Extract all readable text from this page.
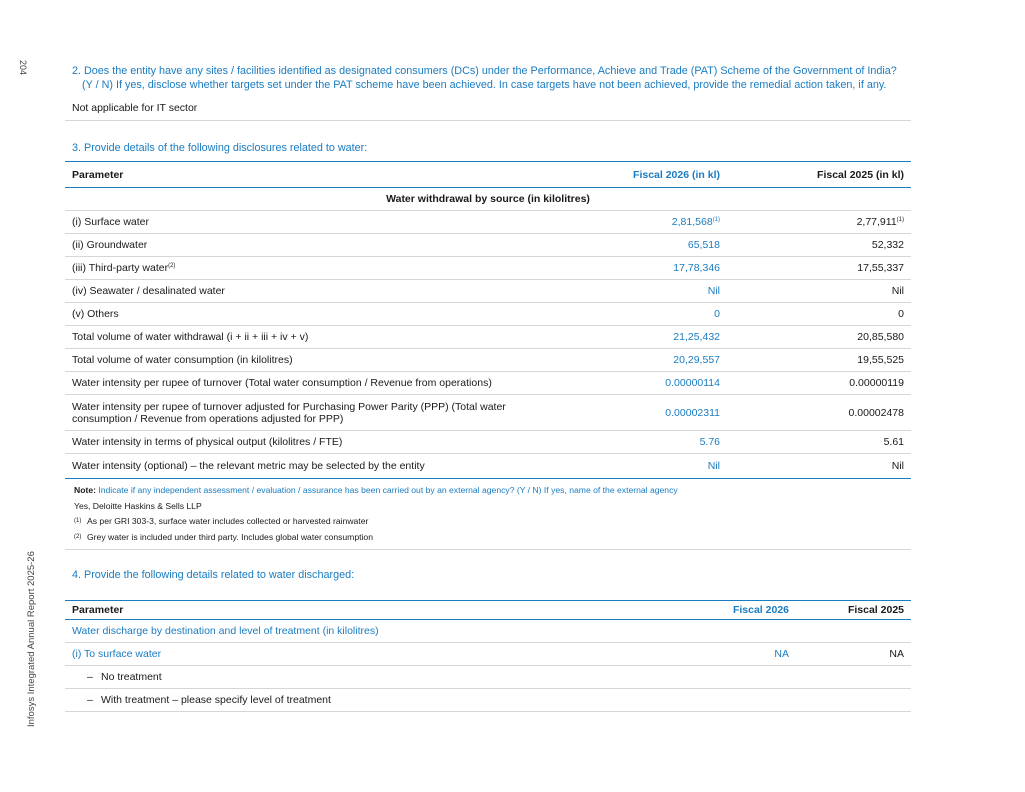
204
Infosys Integrated Annual Report 2025-26
2. Does the entity have any sites / facilities identified as designated consumers (DCs) under the Performance, Achieve and Trade (PAT) Scheme of the Government of India?
(Y / N) If yes, disclose whether targets set under the PAT scheme have been achieved. In case targets have not been achieved, provide the remedial action taken, if any.
Not applicable for IT sector
3. Provide details of the following disclosures related to water:
Parameter	Fiscal 2026 (in kl)	Fiscal 2025 (in kl)
Water withdrawal by source (in kilolitres)		
(i) Surface water	2,81,568$^{(1)}$	2,77,911$^{(1)}$
(ii) Groundwater	65,518	52,332
(iii) Third-party water$^{(2)}$	17,78,346	17,55,337
(iv) Seawater / desalinated water	Nil	Nil
(v) Others	0	0
Total volume of water withdrawal (i + ii + iii + iv + v)	21,25,432	20,85,580
Total volume of water consumption (in kilolitres)	20,29,557	19,55,525
Water intensity per rupee of turnover (Total water consumption / Revenue from operations)	0.00000114	0.00000119

Water intensity per rupee of turnover adjusted for Purchasing Power Parity (PPP) (Total water
consumption / Revenue from operations adjusted for PPP)	0.00002311	0.00002478
Water intensity in terms of physical output (kilolitres / FTE)	5.76	5.61
Water intensity (optional) – the relevant metric may be selected by the entity	Nil	Nil
Note: Indicate if any independent assessment / evaluation / assurance has been carried out by an external agency? (Y / N) If yes, name of the external agency
Yes, Deloitte Haskins & Sells LLP
(1) As per GRI 303-3, surface water includes collected or harvested rainwater
(2) Grey water is included under third party. Includes global water consumption
4. Provide the following details related to water discharged:
Parameter	Fiscal 2026	Fiscal 2025
Water discharge by destination and level of treatment (in kilolitres)		
(i) To surface water	NA	NA
– No treatment		
– With treatment – please specify level of treatment		
